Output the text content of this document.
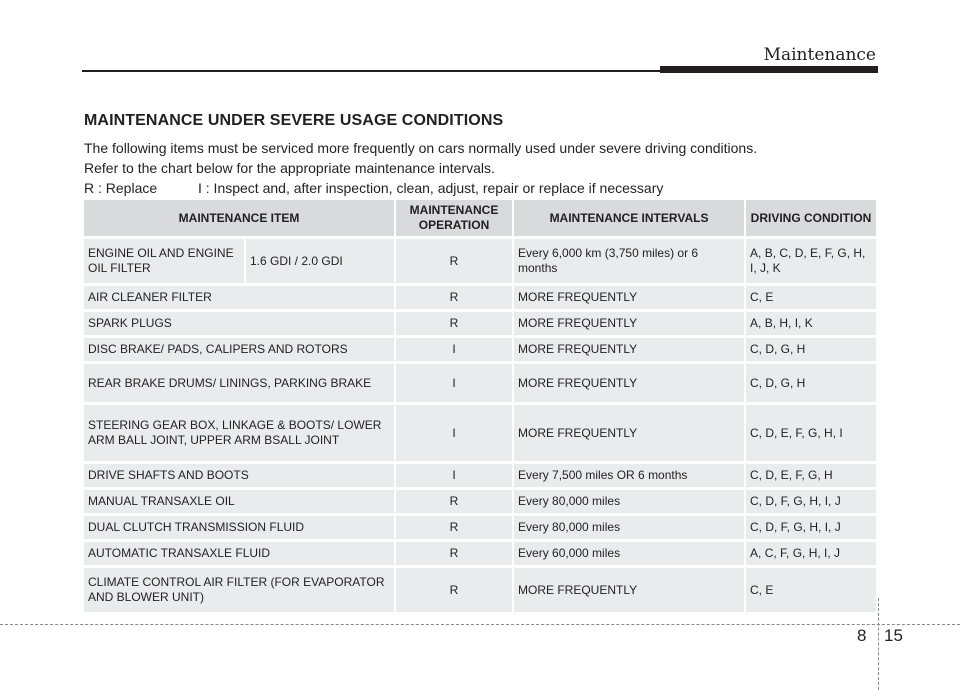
Maintenance
MAINTENANCE UNDER SEVERE USAGE CONDITIONS
The following items must be serviced more frequently on cars normally used under severe driving conditions.
Refer to the chart below for the appropriate maintenance intervals.
R : Replace	I : Inspect and, after inspection, clean, adjust, repair or replace if necessary
MAINTENANCE ITEM		MAINTENANCE OPERATION	MAINTENANCE INTERVALS	DRIVING CONDITION
ENGINE OIL AND ENGINE OIL FILTER	1.6 GDI / 2.0 GDI	R	Every 6,000 km (3,750 miles) or 6 months	A, B, C, D, E, F, G, H, I, J, K
AIR CLEANER FILTER		R	MORE FREQUENTLY	C, E
SPARK PLUGS		R	MORE FREQUENTLY	A, B, H, I, K
DISC BRAKE/ PADS, CALIPERS AND ROTORS		I	MORE FREQUENTLY	C, D, G, H
REAR BRAKE DRUMS/ LININGS, PARKING BRAKE		I	MORE FREQUENTLY	C, D, G, H
STEERING GEAR BOX, LINKAGE & BOOTS/ LOWER ARM BALL JOINT, UPPER ARM BSALL JOINT		I	MORE FREQUENTLY	C, D, E, F, G, H, I
DRIVE SHAFTS AND BOOTS		I	Every 7,500 miles OR 6 months	C, D, E, F, G, H
MANUAL TRANSAXLE OIL		R	Every 80,000 miles	C, D, F, G, H, I, J
DUAL CLUTCH TRANSMISSION FLUID		R	Every 80,000 miles	C, D, F, G, H, I, J
AUTOMATIC TRANSAXLE FLUID		R	Every 60,000 miles	A, C, F, G, H, I, J
CLIMATE CONTROL AIR FILTER (FOR EVAPORATOR AND BLOWER UNIT)		R	MORE FREQUENTLY	C, E
8 15
